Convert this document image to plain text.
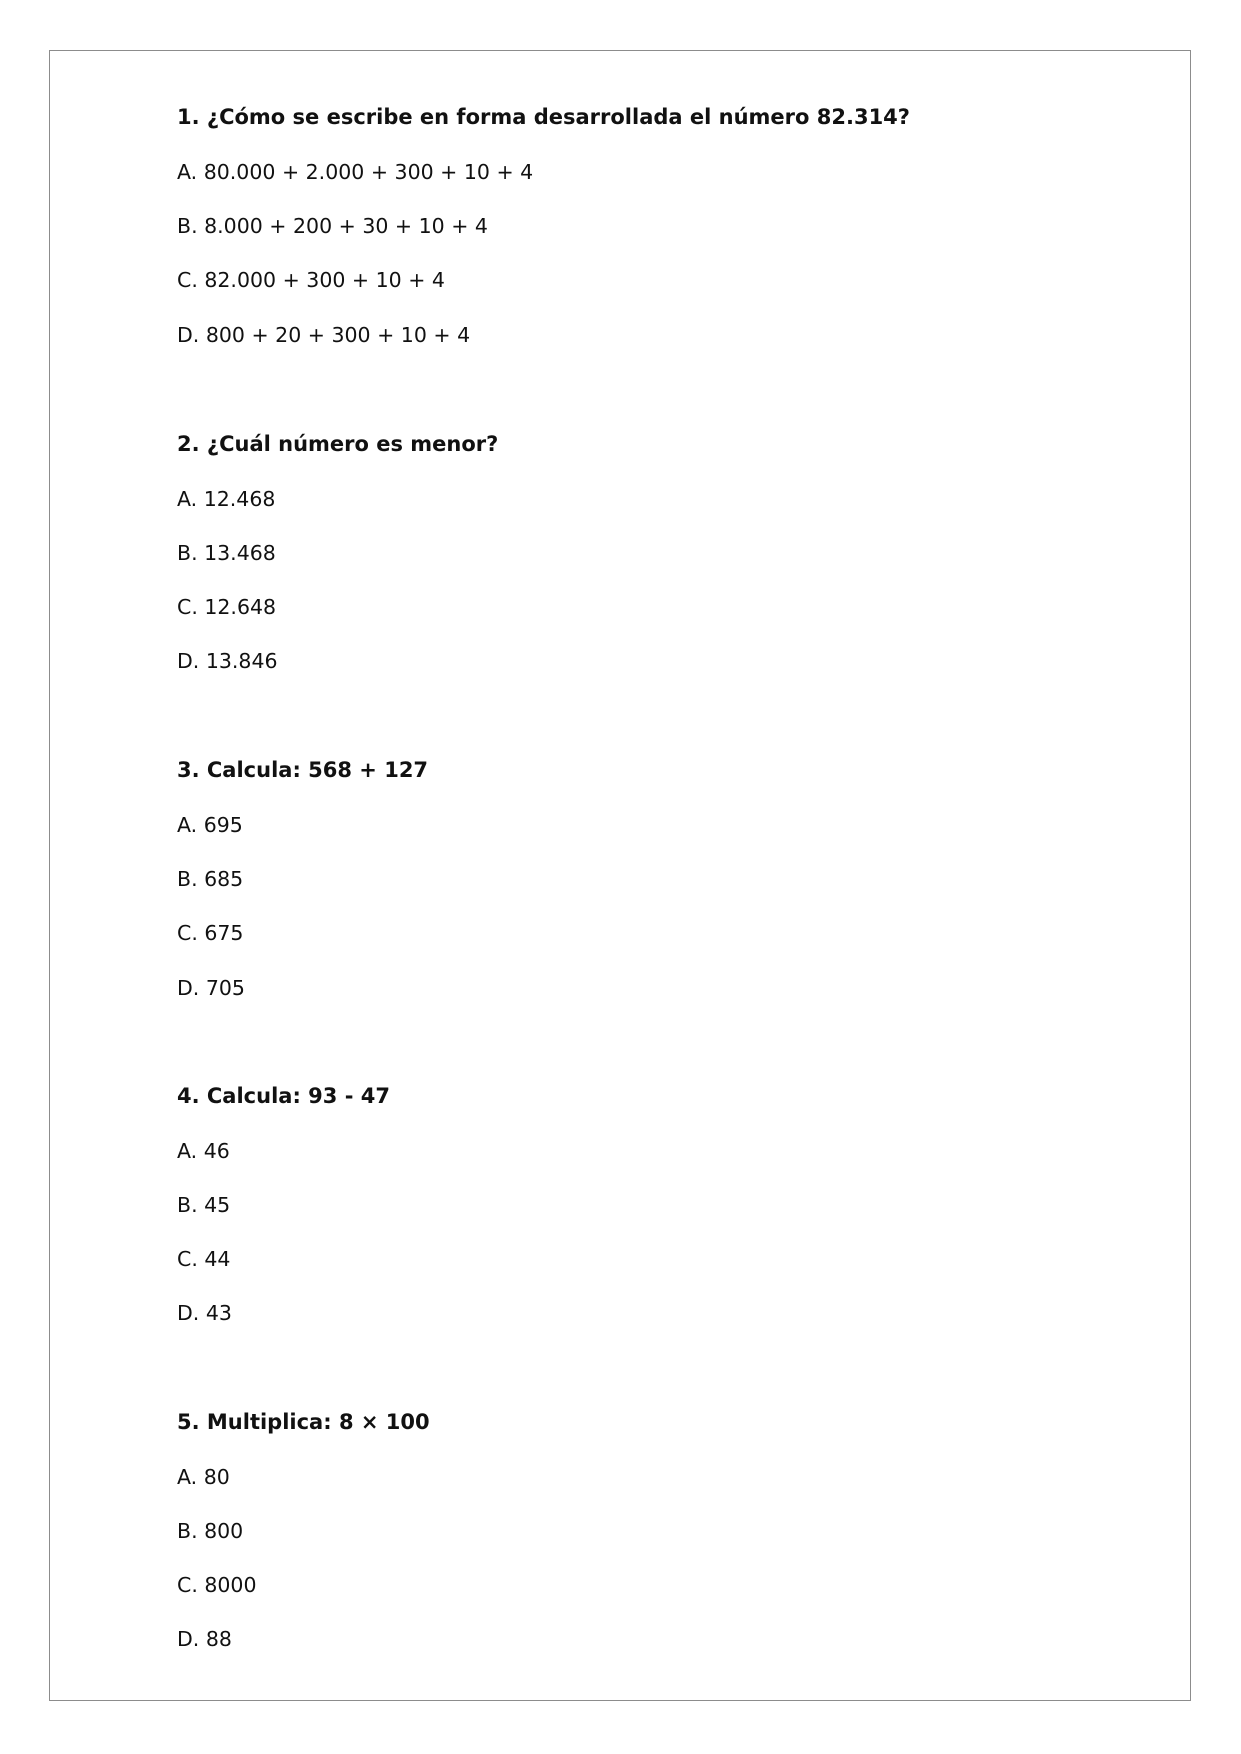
1. ¿Cómo se escribe en forma desarrollada el número 82.314?
A. 80.000 + 2.000 + 300 + 10 + 4
B. 8.000 + 200 + 30 + 10 + 4
C. 82.000 + 300 + 10 + 4
D. 800 + 20 + 300 + 10 + 4
2. ¿Cuál número es menor?
A. 12.468
B. 13.468
C. 12.648
D. 13.846
3. Calcula: 568 + 127
A. 695
B. 685
C. 675
D. 705
4. Calcula: 93 - 47
A. 46
B. 45
C. 44
D. 43
5. Multiplica: 8 × 100
A. 80
B. 800
C. 8000
D. 88
